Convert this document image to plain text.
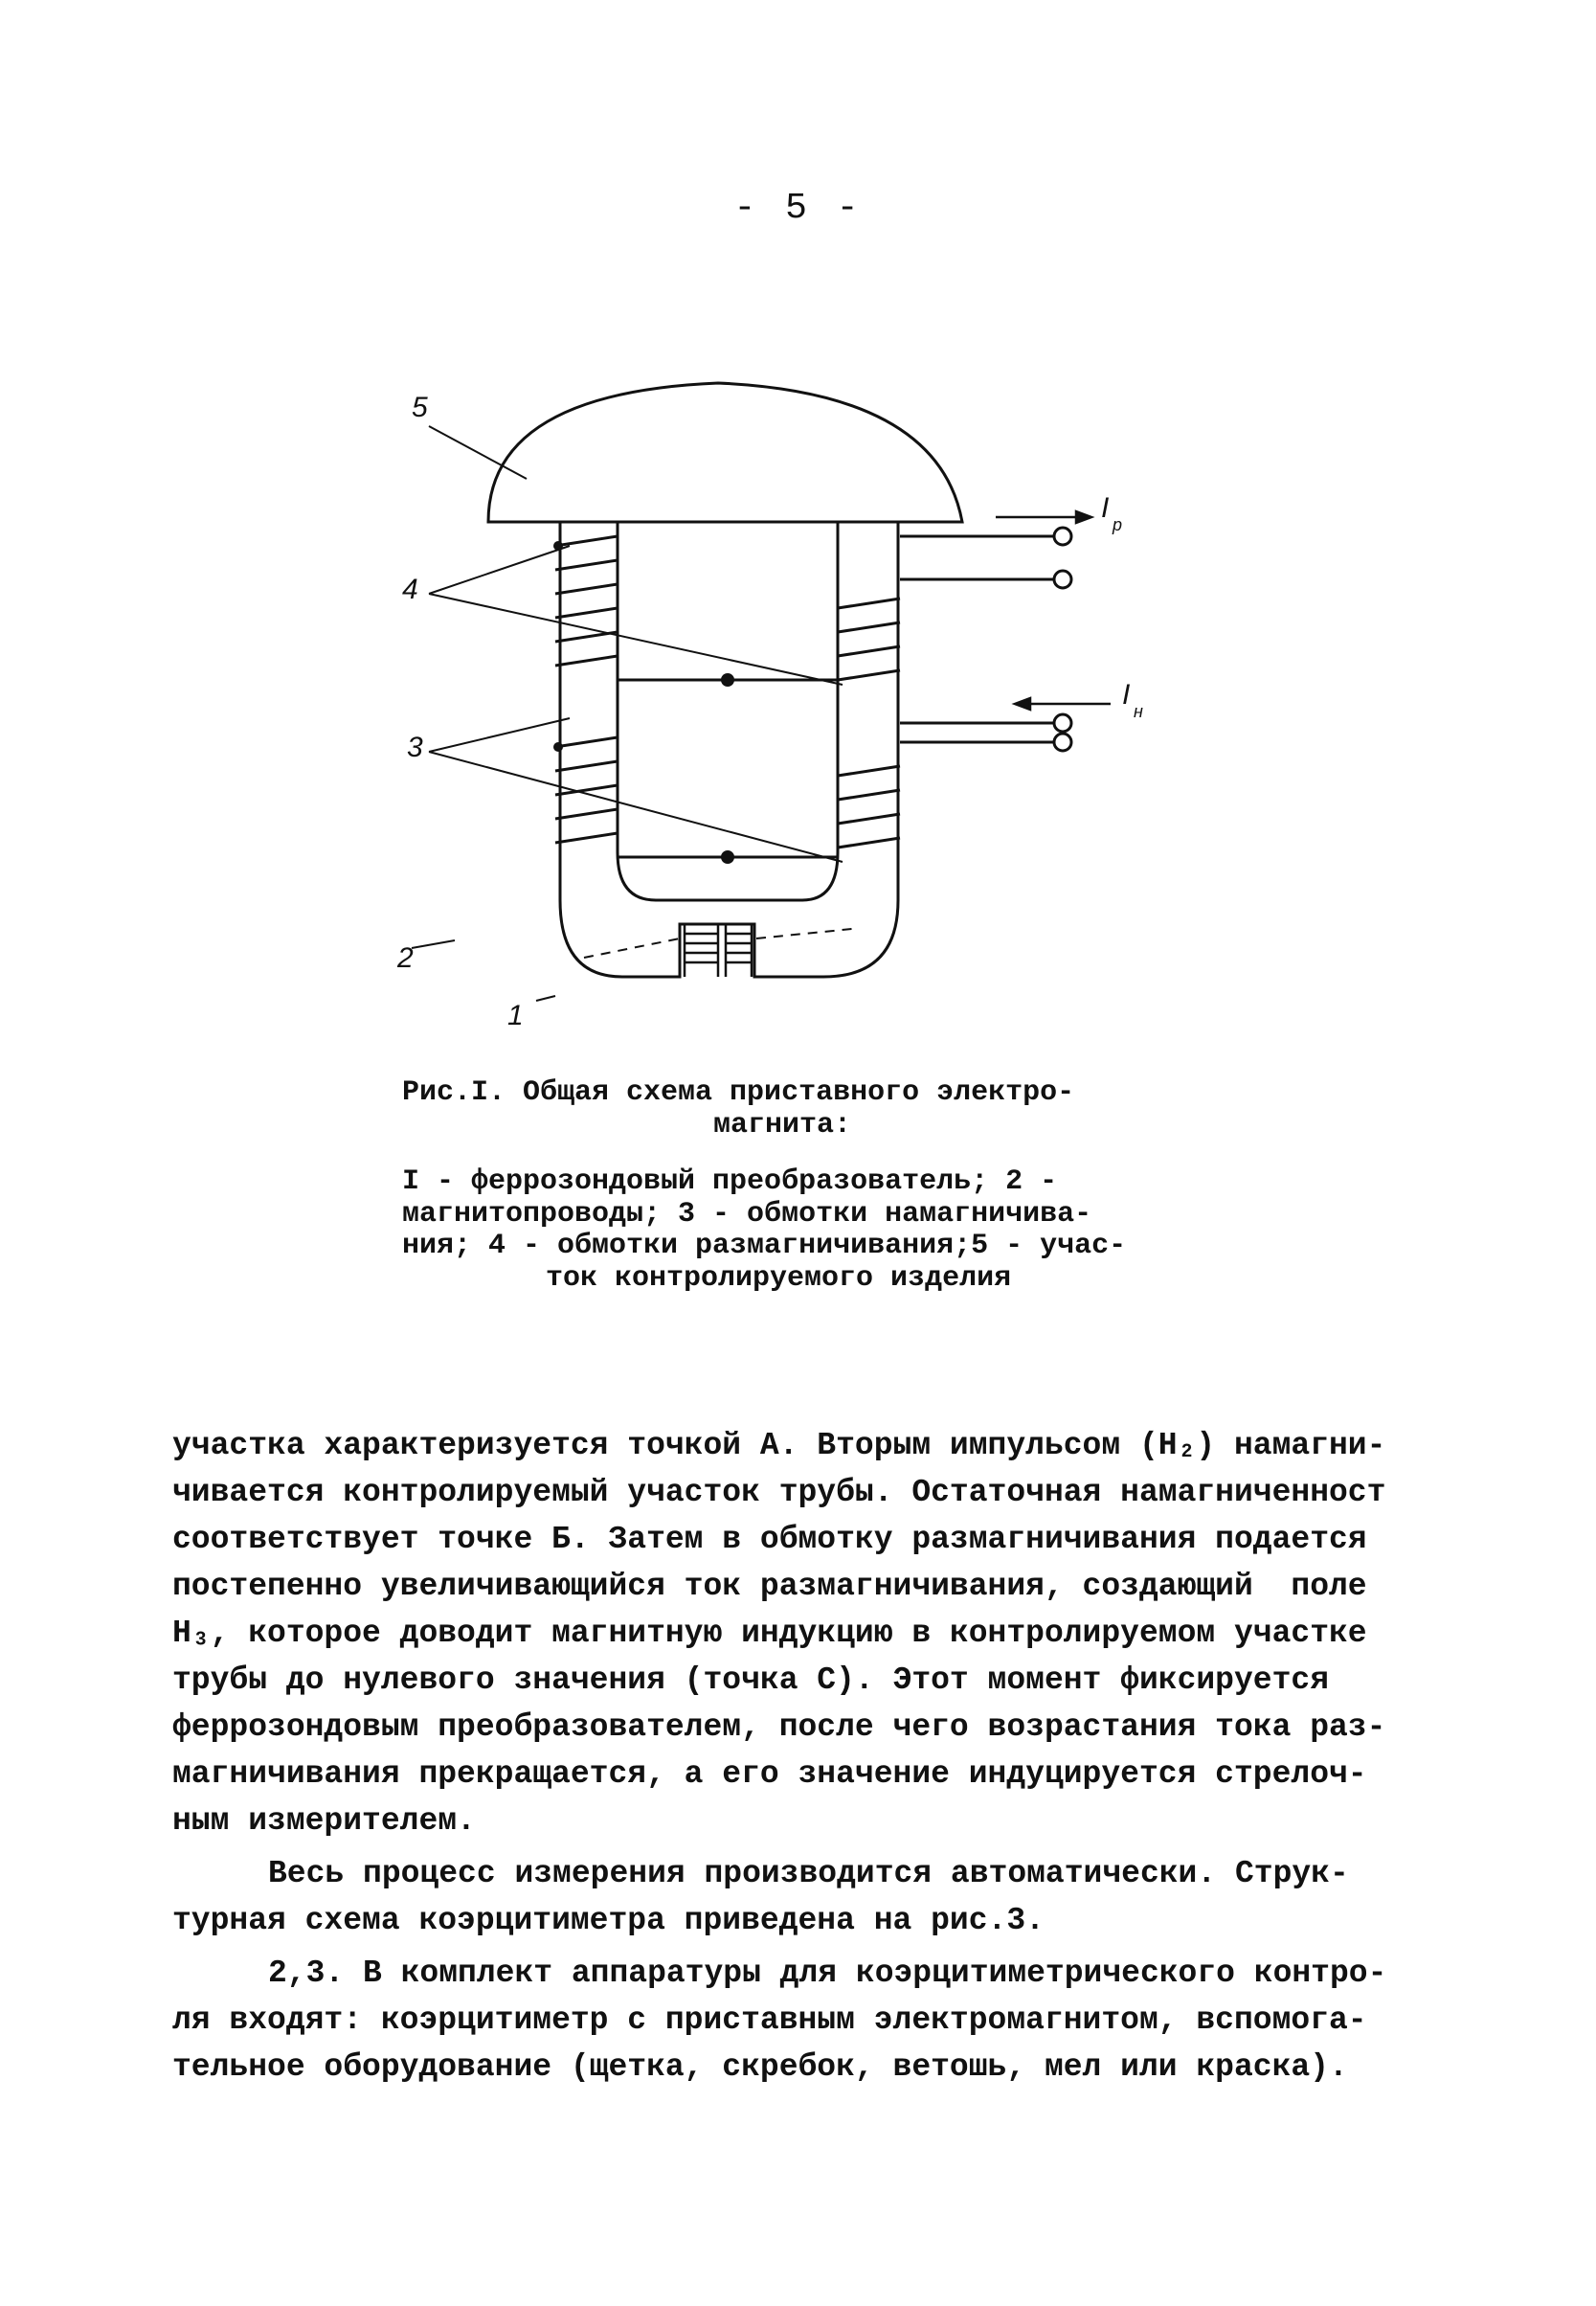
- 5 -
5
4
3
2
1
I
p
I
н

Рис.I. Общая схема приставного электро-
магнита:

I - феррозондовый преобразователь; 2 -
магнитопроводы; 3 - обмотки намагничива-
ния; 4 - обмотки размагничивания;5 - учас-
ток контролируемого изделия

участка характеризуется точкой А. Вторым импульсом (H₂) намагни-
чивается контролируемый участок трубы. Остаточная намагниченност
соответствует точке Б. Затем в обмотку размагничивания подается
постепенно увеличивающийся ток размагничивания, создающий  поле
H₃, которое доводит магнитную индукцию в контролируемом участке
трубы до нулевого значения (точка С). Этот момент фиксируется
феррозондовым преобразователем, после чего возрастания тока раз-
магничивания прекращается, а его значение индуцируется стрелоч-
ным измерителем.
Весь процесс измерения производится автоматически. Струк-
турная схема коэрцитиметра приведена на рис.3.
2,3. В комплект аппаратуры для коэрцитиметрического контро-
ля входят: коэрцитиметр с приставным электромагнитом, вспомога-
тельное оборудование (щетка, скребок, ветошь, мел или краска).
